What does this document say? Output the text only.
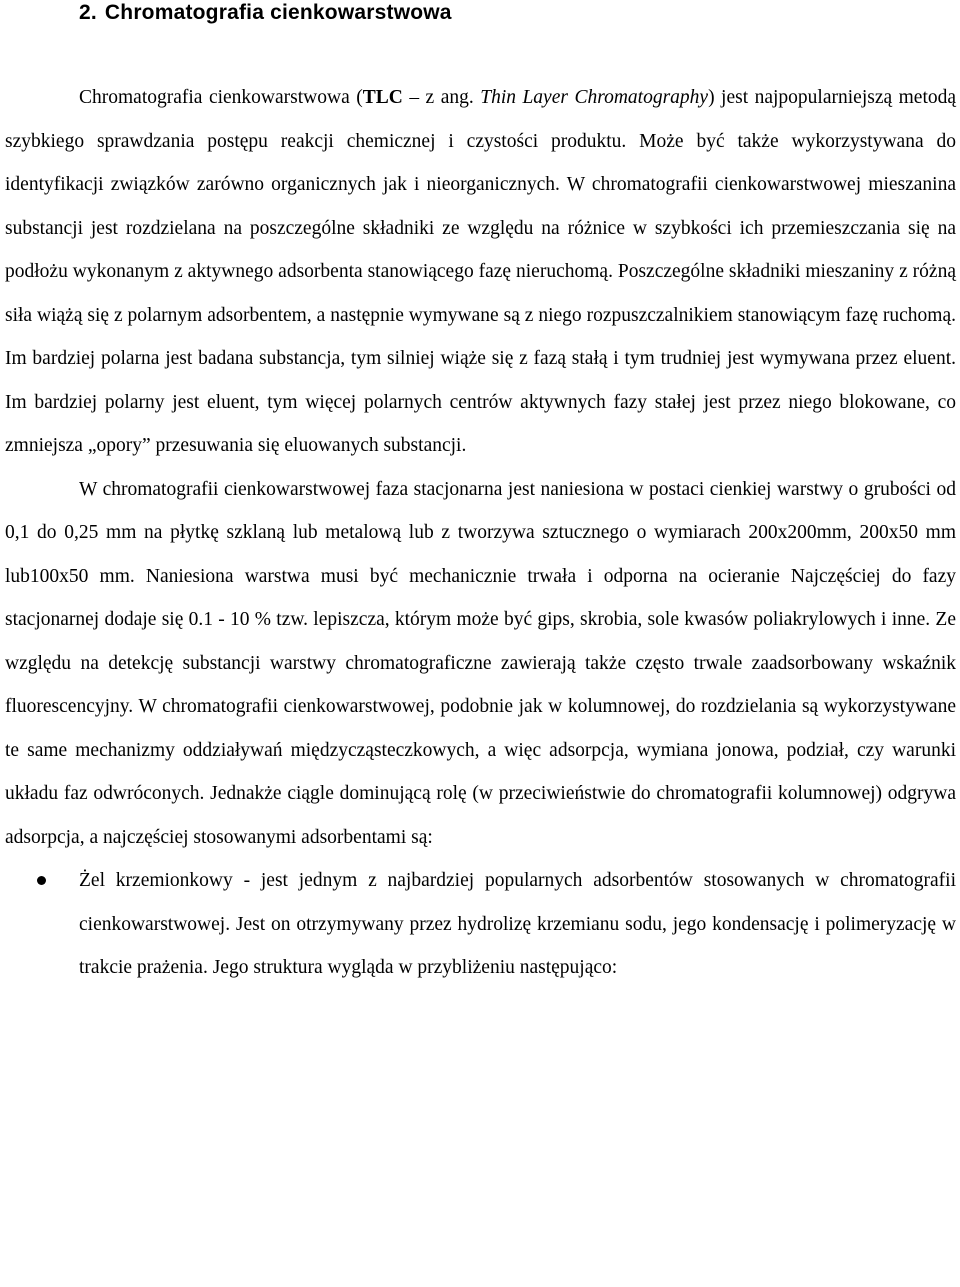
2. Chromatografia cienkowarstwowa

Chromatografia cienkowarstwowa (TLC – z ang. Thin Layer Chromatography) jest najpopularniejszą metodą szybkiego sprawdzania postępu reakcji chemicznej i czystości produktu. Może być także wykorzystywana do identyfikacji związków zarówno organicznych jak i nieorganicznych. W chromatografii cienkowarstwowej mieszanina substancji jest rozdzielana na poszczególne składniki ze względu na różnice w szybkości ich przemieszczania się na podłożu wykonanym z aktywnego adsorbenta stanowiącego fazę nieruchomą. Poszczególne składniki mieszaniny z różną siła wiążą się z polarnym adsorbentem, a następnie wymywane są z niego rozpuszczalnikiem stanowiącym fazę ruchomą. Im bardziej polarna jest badana substancja, tym silniej wiąże się z fazą stałą i tym trudniej jest wymywana przez eluent. Im bardziej polarny jest eluent, tym więcej polarnych centrów aktywnych fazy stałej jest przez niego blokowane, co zmniejsza „opory” przesuwania się eluowanych substancji.

W chromatografii cienkowarstwowej faza stacjonarna jest naniesiona w postaci cienkiej warstwy o grubości od 0,1 do 0,25 mm na płytkę szklaną lub metalową lub z tworzywa sztucznego o wymiarach 200x200mm, 200x50 mm lub100x50 mm. Naniesiona warstwa musi być mechanicznie trwała i odporna na ocieranie Najczęściej do fazy stacjonarnej dodaje się 0.1 - 10 % tzw. lepiszcza, którym może być gips, skrobia, sole kwasów poliakrylowych i inne. Ze względu na detekcję substancji warstwy chromatograficzne zawierają także często trwale zaadsorbowany wskaźnik fluorescencyjny. W chromatografii cienkowarstwowej, podobnie jak w kolumnowej, do rozdzielania są wykorzystywane te same mechanizmy oddziaływań międzycząsteczkowych, a więc adsorpcja, wymiana jonowa, podział, czy warunki układu faz odwróconych. Jednakże ciągle dominującą rolę (w przeciwieństwie do chromatografii kolumnowej) odgrywa adsorpcja, a najczęściej stosowanymi adsorbentami są:

Żel krzemionkowy - jest jednym z najbardziej popularnych adsorbentów stosowanych w chromatografii cienkowarstwowej. Jest on otrzymywany przez hydrolizę krzemianu sodu, jego kondensację i polimeryzację w trakcie prażenia. Jego struktura wygląda w przybliżeniu następująco:
